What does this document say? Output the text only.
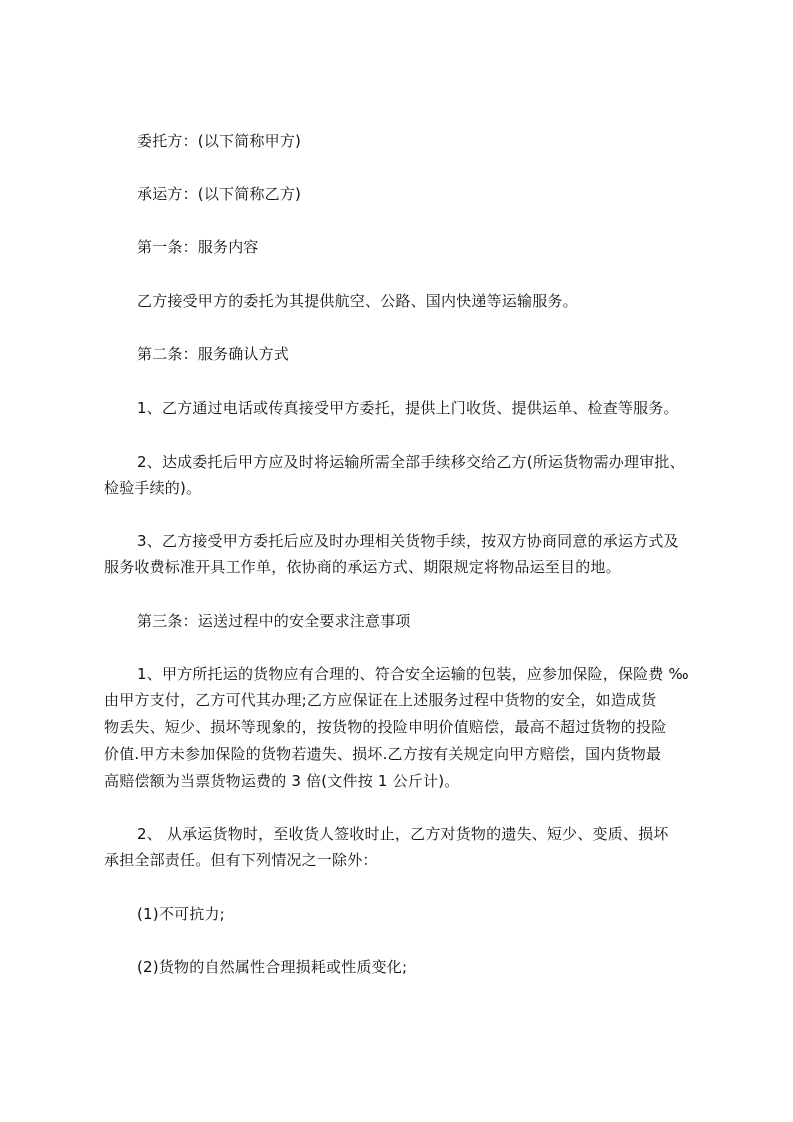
委托方：(以下简称甲方)

承运方：(以下简称乙方)

第一条：服务内容

乙方接受甲方的委托为其提供航空、公路、国内快递等运输服务。

第二条：服务确认方式

1、乙方通过电话或传真接受甲方委托，提供上门收货、提供运单、检查等服务。

2、达成委托后甲方应及时将运输所需全部手续移交给乙方(所运货物需办理审批、

检验手续的)。

3、乙方接受甲方委托后应及时办理相关货物手续，按双方协商同意的承运方式及

服务收费标准开具工作单，依协商的承运方式、期限规定将物品运至目的地。

第三条：运送过程中的安全要求注意事项

1、甲方所托运的货物应有合理的、符合安全运输的包装，应参加保险，保险费 ‰

由甲方支付，乙方可代其办理;乙方应保证在上述服务过程中货物的安全，如造成货

物丢失、短少、损坏等现象的，按货物的投险申明价值赔偿，最高不超过货物的投险

价值.甲方未参加保险的货物若遗失、损坏.乙方按有关规定向甲方赔偿，国内货物最

高赔偿额为当票货物运费的 3 倍(文件按 1 公斤计)。

2、 从承运货物时，至收货人签收时止，乙方对货物的遗失、短少、变质、损坏

承担全部责任。但有下列情况之一除外：

(1)不可抗力;

(2)货物的自然属性合理损耗或性质变化;
